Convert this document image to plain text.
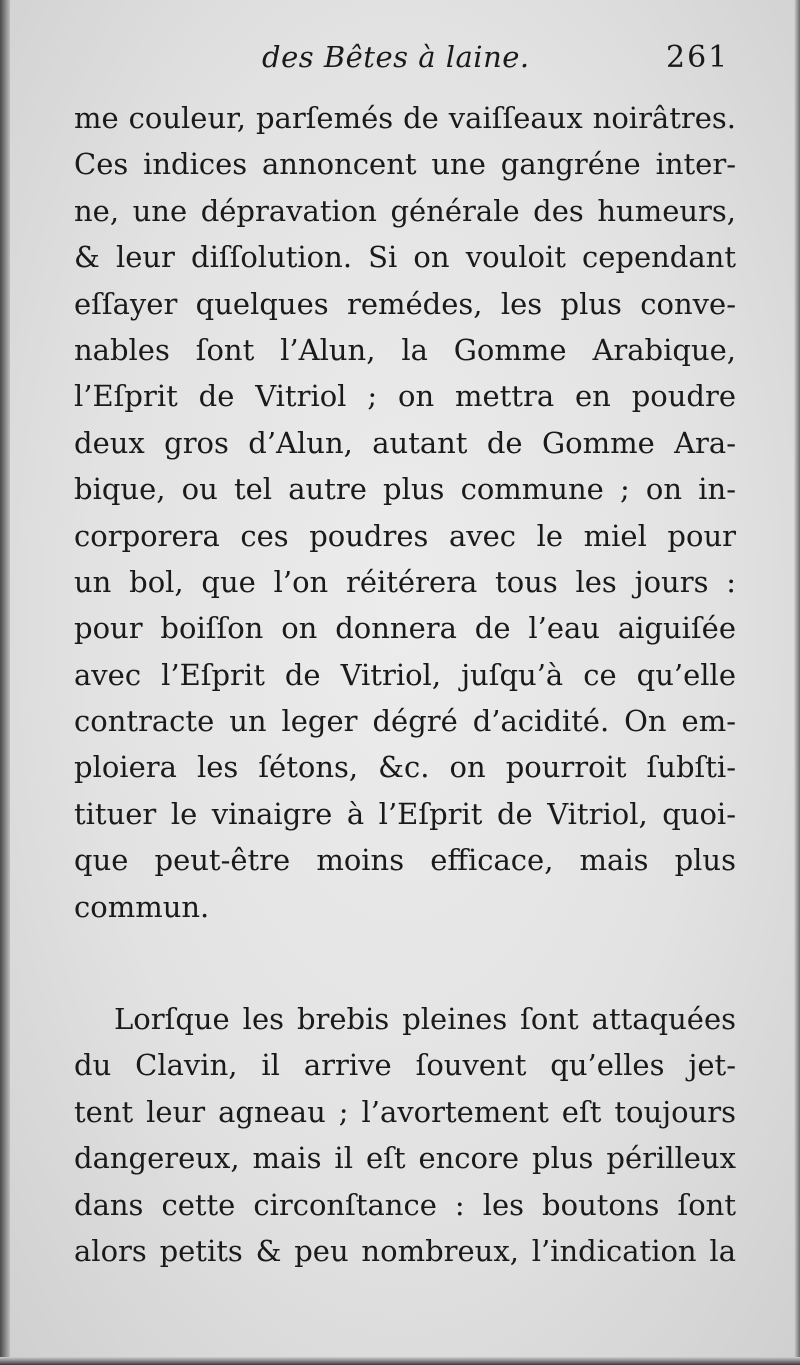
des Bêtes à laine.	261
me couleur, parſemés de vaiſſeaux noirâtres.
Ces indices annoncent une gangréne inter-
ne, une dépravation générale des humeurs,
& leur diſſolution. Si on vouloit cependant
eſſayer quelques remédes, les plus conve-
nables ſont l’Alun, la Gomme Arabique,
l’Eſprit de Vitriol ; on mettra en poudre
deux gros d’Alun, autant de Gomme Ara-
bique, ou tel autre plus commune ; on in-
corporera ces poudres avec le miel pour
un bol, que l’on réitérera tous les jours :
pour boiſſon on donnera de l’eau aiguiſée
avec l’Eſprit de Vitriol, juſqu’à ce qu’elle
contracte un leger dégré d’acidité. On em-
ploiera les ſétons, &c. on pourroit ſubſti-
tituer le vinaigre à l’Eſprit de Vitriol, quoi-
que peut-être moins efficace, mais plus
commun.
Lorſque les brebis pleines ſont attaquées
du Clavin, il arrive ſouvent qu’elles jet-
tent leur agneau ; l’avortement eſt toujours
dangereux, mais il eſt encore plus périlleux
dans cette circonſtance : les boutons ſont
alors petits & peu nombreux, l’indication la
